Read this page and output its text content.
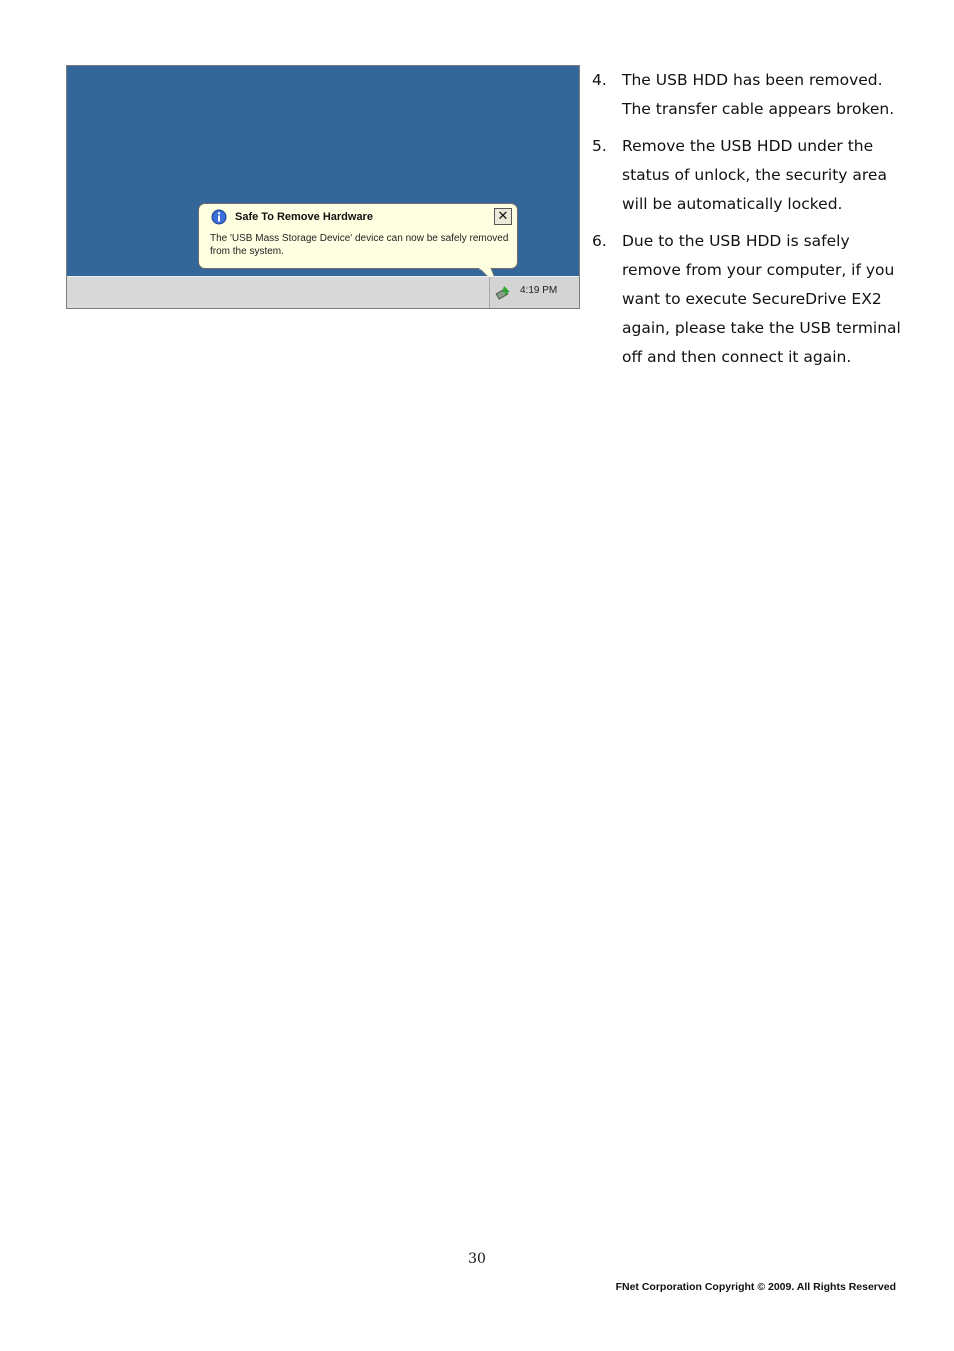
Safe To Remove Hardware	✕
The 'USB Mass Storage Device' device can now be safely removed from the system.
4:19 PM
4. The USB HDD has been removed. The transfer cable appears broken.
5. Remove the USB HDD under the status of unlock, the security area will be automatically locked.
6. Due to the USB HDD is safely remove from your computer, if you want to execute SecureDrive EX2 again, please take the USB terminal off and then connect it again.
30
FNet Corporation Copyright © 2009. All Rights Reserved
